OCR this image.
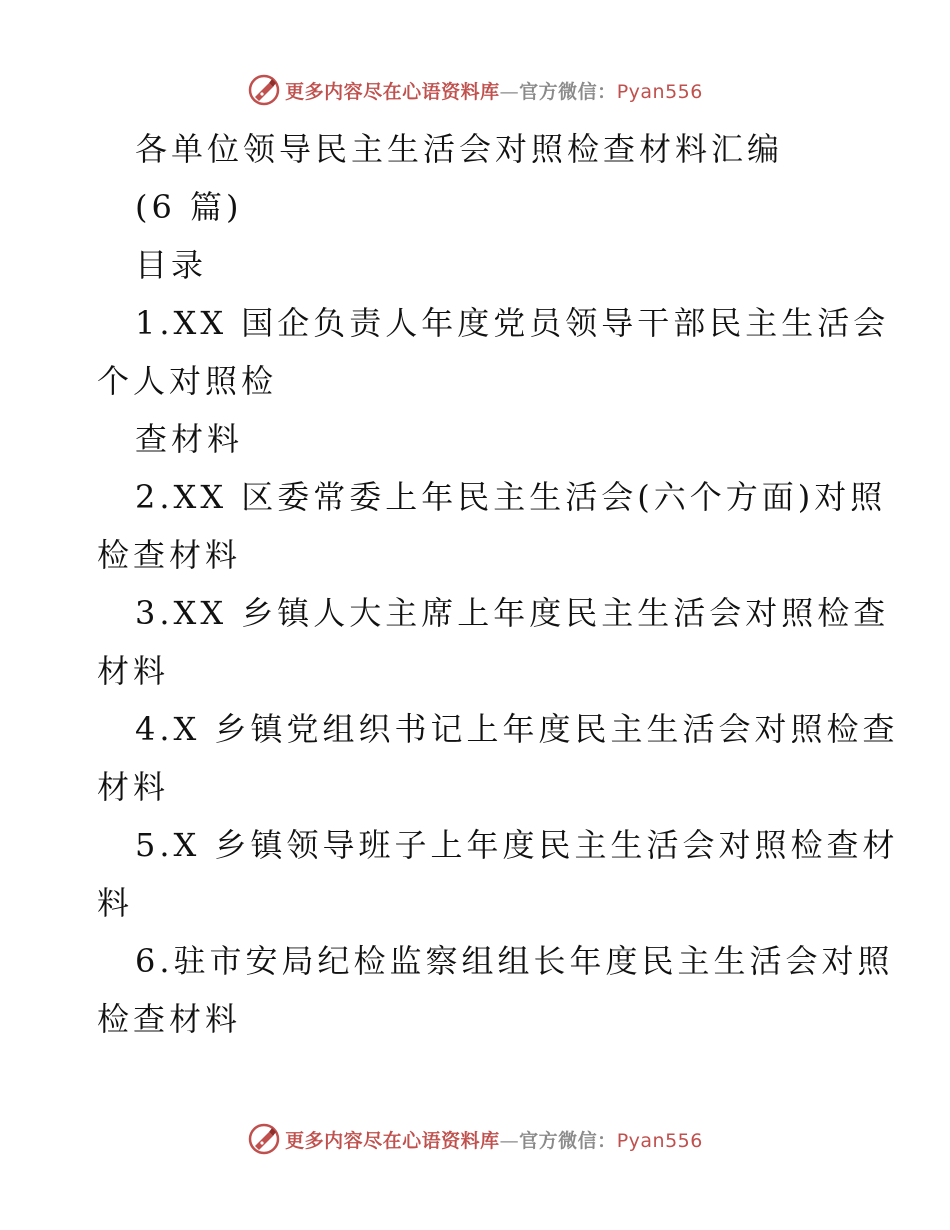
更多内容尽在心语资料库—官方微信：Pyan556
各单位领导民主生活会对照检查材料汇编
(6 篇)
目录
1.XX 国企负责人年度党员领导干部民主生活会
个人对照检
查材料
2.XX 区委常委上年民主生活会(六个方面)对照
检查材料
3.XX 乡镇人大主席上年度民主生活会对照检查
材料
4.X 乡镇党组织书记上年度民主生活会对照检查
材料
5.X 乡镇领导班子上年度民主生活会对照检查材
料
6.驻市安局纪检监察组组长年度民主生活会对照
检查材料
更多内容尽在心语资料库—官方微信：Pyan556
